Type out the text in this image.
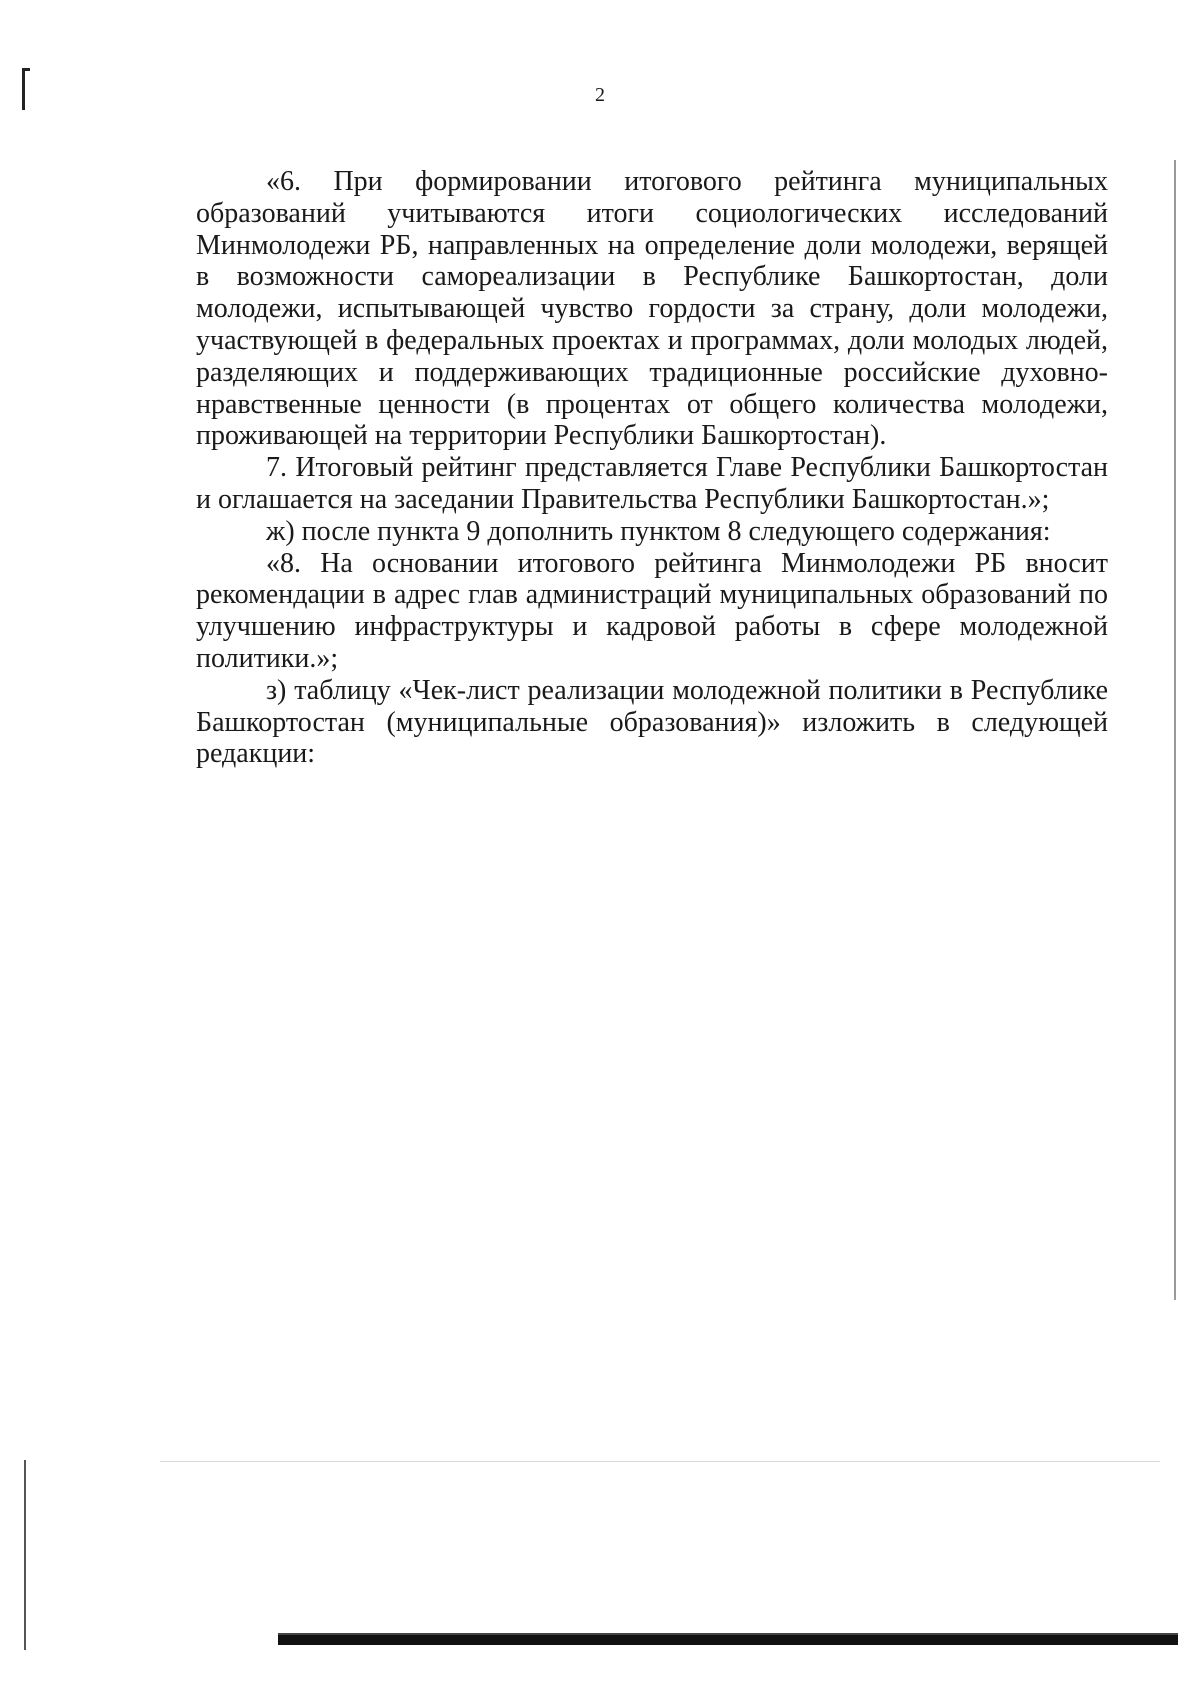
2

«6. При формировании итогового рейтинга муниципальных образований учитываются итоги социологических исследований Минмолодежи РБ, направленных на определение доли молодежи, верящей в возможности самореализации в Республике Башкортостан, доли молодежи, испытывающей чувство гордости за страну, доли молодежи, участвующей в федеральных проектах и программах, доли молодых людей, разделяющих и поддерживающих традиционные российские духовно-нравственные ценности (в процентах от общего количества молодежи, проживающей на территории Республики Башкортостан).

7. Итоговый рейтинг представляется Главе Республики Башкортостан и оглашается на заседании Правительства Республики Башкортостан.»;

ж) после пункта 9 дополнить пунктом 8 следующего содержания:

«8. На основании итогового рейтинга Минмолодежи РБ вносит рекомендации в адрес глав администраций муниципальных образований по улучшению инфраструктуры и кадровой работы в сфере молодежной политики.»;

з) таблицу «Чек-лист реализации молодежной политики в Республике Башкортостан (муниципальные образования)» изложить в следующей редакции:
